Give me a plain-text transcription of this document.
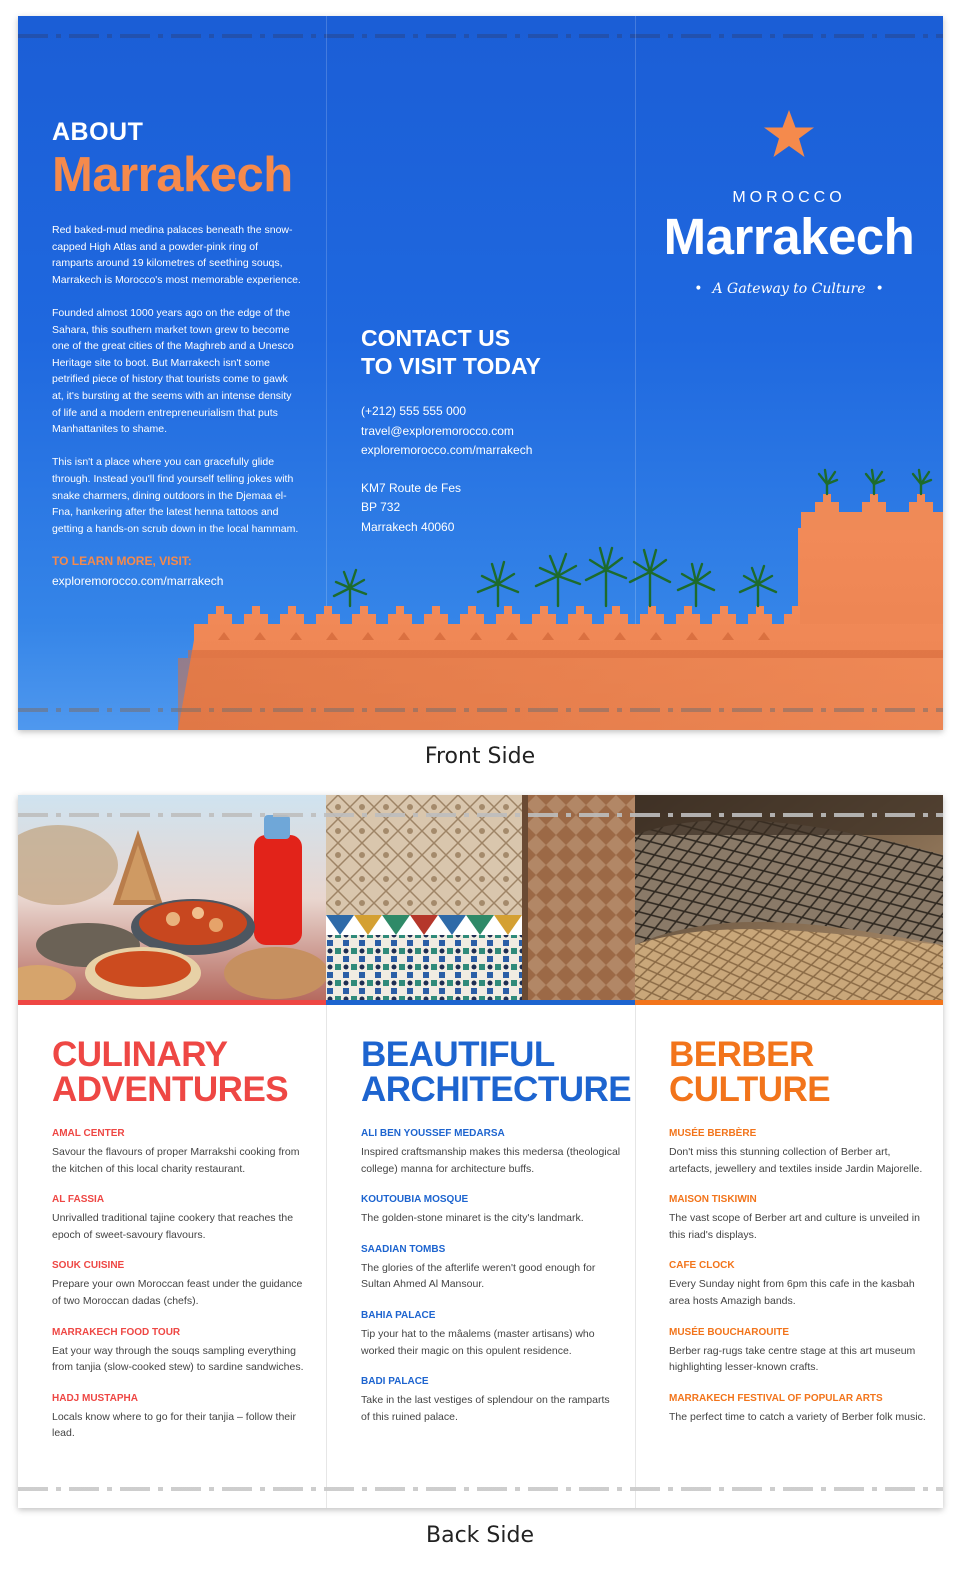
ABOUT
Marrakech

Red baked-mud medina palaces beneath the snow-capped High Atlas and a powder-pink ring of ramparts around 19 kilometres of seething souqs, Marrakech is Morocco's most memorable experience.

Founded almost 1000 years ago on the edge of the Sahara, this southern market town grew to become one of the great cities of the Maghreb and a Unesco Heritage site to boot. But Marrakech isn't some petrified piece of history that tourists come to gawk at, it's bursting at the seems with an intense density of life and a modern entrepreneurialism that puts Manhattanites to shame.

This isn't a place where you can gracefully glide through. Instead you'll find yourself telling jokes with snake charmers, dining outdoors in the Djemaa el-Fna, hankering after the latest henna tattoos and getting a hands-on scrub down in the local hammam.

TO LEARN MORE, VISIT:
exploremorocco.com/marrakech
CONTACT US
TO VISIT TODAY
(+212) 555 555 000
travel@exploremorocco.com
exploremorocco.com/marrakech
KM7 Route de Fes
BP 732
Marrakech 40060
MOROCCO
Marrakech
• A Gateway to Culture •
Front Side
CULINARY
ADVENTURES
AMAL CENTER
Savour the flavours of proper Marrakshi cooking from the kitchen of this local charity restaurant.
AL FASSIA
Unrivalled traditional tajine cookery that reaches the epoch of sweet-savoury flavours.
SOUK CUISINE
Prepare your own Moroccan feast under the guidance of two Moroccan dadas (chefs).
MARRAKECH FOOD TOUR
Eat your way through the souqs sampling everything from tanjia (slow-cooked stew) to sardine sandwiches.
HADJ MUSTAPHA
Locals know where to go for their tanjia – follow their lead.
BEAUTIFUL
ARCHITECTURE
ALI BEN YOUSSEF MEDARSA
Inspired craftsmanship makes this medersa (theological college) manna for architecture buffs.
KOUTOUBIA MOSQUE
The golden-stone minaret is the city's landmark.
SAADIAN TOMBS
The glories of the afterlife weren't good enough for Sultan Ahmed Al Mansour.
BAHIA PALACE
Tip your hat to the mâalems (master artisans) who worked their magic on this opulent residence.
BADI PALACE
Take in the last vestiges of splendour on the ramparts of this ruined palace.
BERBER
CULTURE
MUSÉE BERBÈRE
Don't miss this stunning collection of Berber art, artefacts, jewellery and textiles inside Jardin Majorelle.
MAISON TISKIWIN
The vast scope of Berber art and culture is unveiled in this riad's displays.
CAFE CLOCK
Every Sunday night from 6pm this cafe in the kasbah area hosts Amazigh bands.
MUSÉE BOUCHAROUITE
Berber rag-rugs take centre stage at this art museum highlighting lesser-known crafts.
MARRAKECH FESTIVAL OF POPULAR ARTS
The perfect time to catch a variety of Berber folk music.
Back Side
